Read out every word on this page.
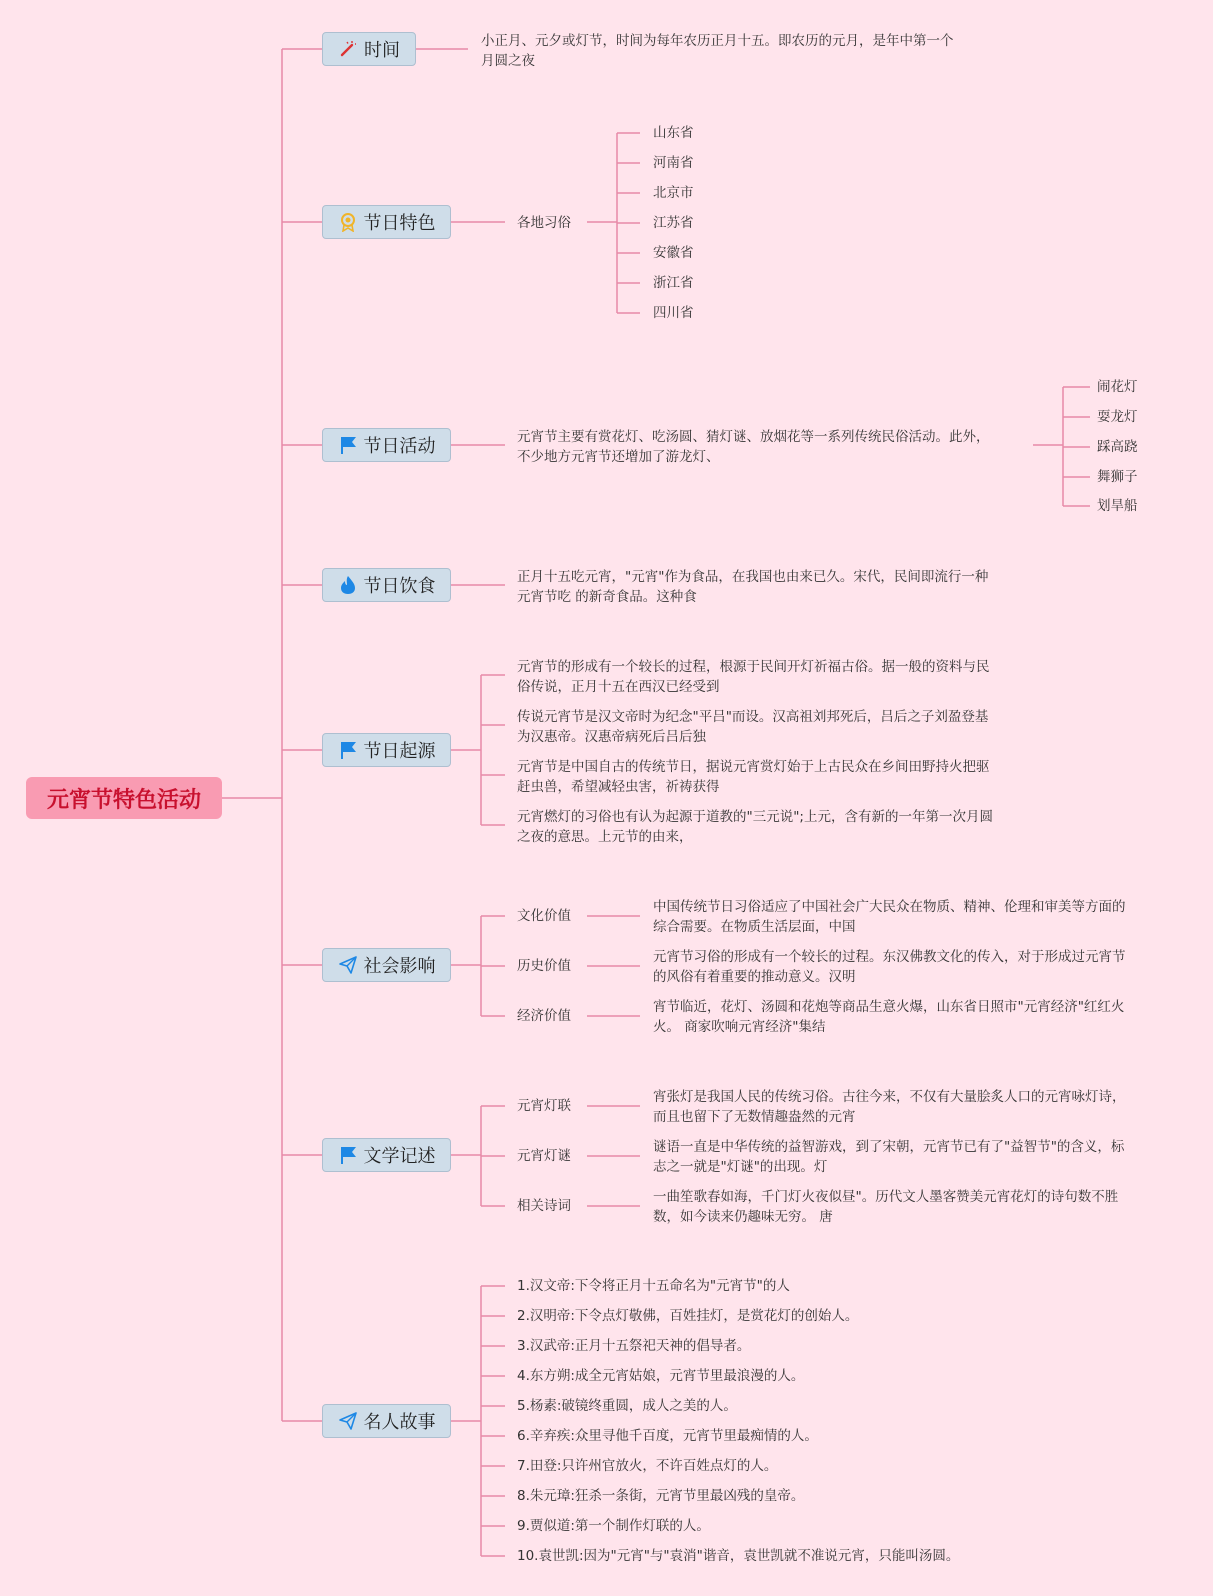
元宵节特色活动
时间	小正月、元夕或灯节，时间为每年农历正月十五。即农历的元月，是年中第一个
月圆之夜
节日特色	各地习俗
山东省
河南省
北京市
江苏省
安徽省
浙江省
四川省
节日活动	元宵节主要有赏花灯、吃汤圆、猜灯谜、放烟花等一系列传统民俗活动。此外，
不少地方元宵节还增加了游龙灯、
闹花灯
耍龙灯
踩高跷
舞狮子
划旱船
节日饮食	正月十五吃元宵，"元宵"作为食品，在我国也由来已久。宋代，民间即流行一种
元宵节吃 的新奇食品。这种食
节日起源
元宵节的形成有一个较长的过程，根源于民间开灯祈福古俗。据一般的资料与民
俗传说，正月十五在西汉已经受到
传说元宵节是汉文帝时为纪念"平吕"而设。汉高祖刘邦死后，吕后之子刘盈登基
为汉惠帝。汉惠帝病死后吕后独
元宵节是中国自古的传统节日，据说元宵赏灯始于上古民众在乡间田野持火把驱
赶虫兽，希望减轻虫害，祈祷获得
元宵燃灯的习俗也有认为起源于道教的"三元说";上元，含有新的一年第一次月圆
之夜的意思。上元节的由来，
社会影响
文化价值
历史价值
经济价值
中国传统节日习俗适应了中国社会广大民众在物质、精神、伦理和审美等方面的
综合需要。在物质生活层面，中国
元宵节习俗的形成有一个较长的过程。东汉佛教文化的传入，对于形成过元宵节
的风俗有着重要的推动意义。汉明
宵节临近，花灯、汤圆和花炮等商品生意火爆，山东省日照市"元宵经济"红红火
火。 商家吹响元宵经济"集结
文学记述
元宵灯联
元宵灯谜
相关诗词
宵张灯是我国人民的传统习俗。古往今来，不仅有大量脍炙人口的元宵咏灯诗，
而且也留下了无数情趣盎然的元宵
谜语一直是中华传统的益智游戏，到了宋朝，元宵节已有了"益智节"的含义，标
志之一就是"灯谜"的出现。灯
一曲笙歌春如海，千门灯火夜似昼"。历代文人墨客赞美元宵花灯的诗句数不胜
数，如今读来仍趣味无穷。 唐
名人故事
1.汉文帝:下令将正月十五命名为"元宵节"的人
2.汉明帝:下令点灯敬佛，百姓挂灯，是赏花灯的创始人。
3.汉武帝:正月十五祭祀天神的倡导者。
4.东方朔:成全元宵姑娘，元宵节里最浪漫的人。
5.杨素:破镜终重圆，成人之美的人。
6.辛弃疾:众里寻他千百度，元宵节里最痴情的人。
7.田登:只许州官放火，不许百姓点灯的人。
8.朱元璋:狂杀一条街，元宵节里最凶残的皇帝。
9.贾似道:第一个制作灯联的人。
10.袁世凯:因为"元宵"与"袁消"谐音，袁世凯就不准说元宵，只能叫汤圆。
